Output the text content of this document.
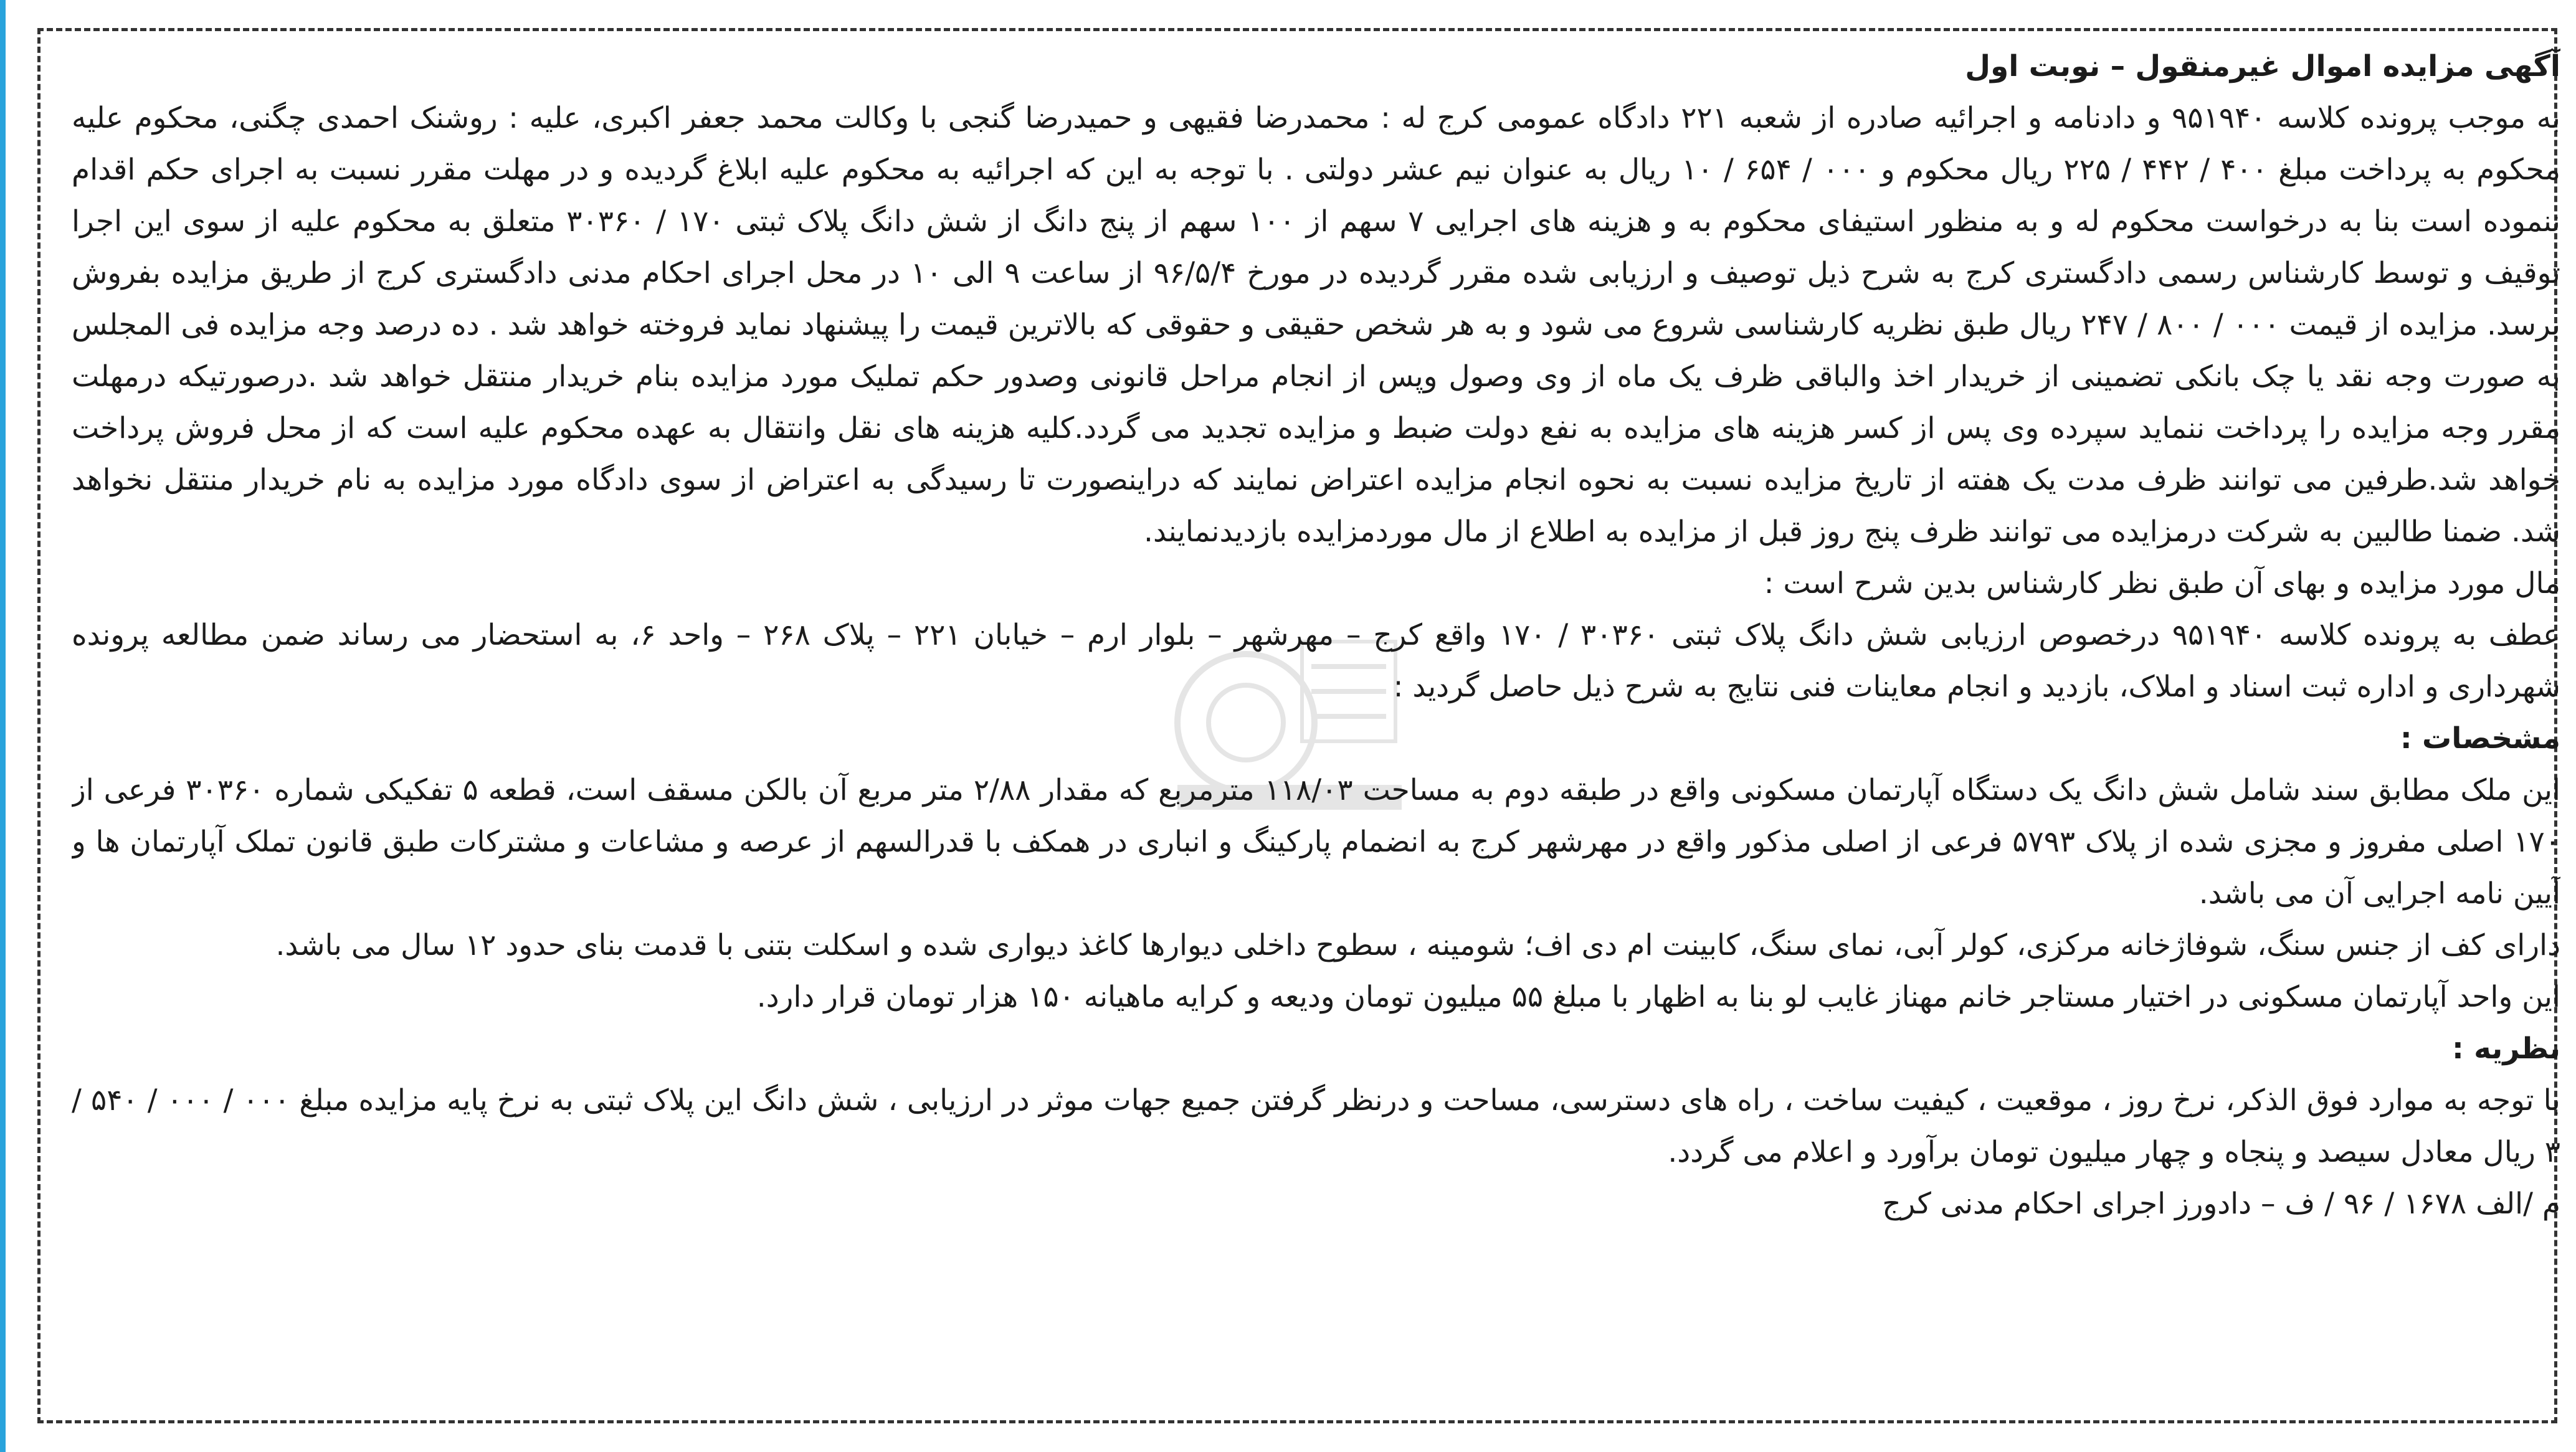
آگهی مزایده اموال غیرمنقول – نوبت اول

به موجب پرونده کلاسه ۹۵۱۹۴۰ و دادنامه و اجرائیه صادره از شعبه ۲۲۱ دادگاه عمومی کرج له : محمدرضا فقیهی و حمیدرضا گنجی با وکالت محمد جعفر اکبری، علیه : روشنک احمدی چگنی، محکوم علیه محکوم به پرداخت مبلغ ۴۰۰ / ۴۴۲ / ۲۲۵ ریال محکوم و ۰۰۰ / ۶۵۴ / ۱۰ ریال به عنوان نیم عشر دولتی . با توجه به این که اجرائیه به محکوم علیه ابلاغ گردیده و در مهلت مقرر نسبت به اجرای حکم اقدام ننموده است بنا به درخواست محکوم له و به منظور استیفای محکوم به و هزینه های اجرایی ۷ سهم از ۱۰۰ سهم از پنج دانگ از شش دانگ پلاک ثبتی ۱۷۰ / ۳۰۳۶۰ متعلق به محکوم علیه از سوی این اجرا توقیف و توسط کارشناس رسمی دادگستری کرج به شرح ذیل توصیف و ارزیابی شده مقرر گردیده در مورخ ۹۶/۵/۴ از ساعت ۹ الی ۱۰ در محل اجرای احکام مدنی دادگستری کرج از طریق مزایده بفروش برسد. مزایده از قیمت ۰۰۰ / ۸۰۰ / ۲۴۷ ریال طبق نظریه کارشناسی شروع می شود و به هر شخص حقیقی و حقوقی که بالاترین قیمت را پیشنهاد نماید فروخته خواهد شد . ده درصد وجه مزایده فی المجلس به صورت وجه نقد یا چک بانکی تضمینی از خریدار اخذ والباقی ظرف یک ماه از وی وصول وپس از انجام مراحل قانونی وصدور حکم تملیک مورد مزایده بنام خریدار منتقل خواهد شد .درصورتیکه درمهلت مقرر وجه مزایده را پرداخت ننماید سپرده وی پس از کسر هزینه های مزایده به نفع دولت ضبط و مزایده تجدید می گردد.کلیه هزینه های نقل وانتقال به عهده محکوم علیه است که از محل فروش پرداخت خواهد شد.طرفین می توانند ظرف مدت یک هفته از تاریخ مزایده نسبت به نحوه انجام مزایده اعتراض نمایند که دراینصورت تا رسیدگی به اعتراض از سوی دادگاه مورد مزایده به نام خریدار منتقل نخواهد شد. ضمنا طالبین به شرکت درمزایده می توانند ظرف پنج روز قبل از مزایده به اطلاع از مال موردمزایده بازدیدنمایند.

مال مورد مزایده و بهای آن طبق نظر کارشناس بدین شرح است :

عطف به پرونده کلاسه ۹۵۱۹۴۰ درخصوص ارزیابی شش دانگ پلاک ثبتی ۳۰۳۶۰ / ۱۷۰ واقع کرج – مهرشهر – بلوار ارم – خیابان ۲۲۱ – پلاک ۲۶۸ – واحد ۶، به استحضار می رساند ضمن مطالعه پرونده شهرداری و اداره ثبت اسناد و املاک، بازدید و انجام معاینات فنی نتایج به شرح ذیل حاصل گردید :

مشخصات :

این ملک مطابق سند شامل شش دانگ یک دستگاه آپارتمان مسکونی واقع در طبقه دوم به مساحت ۱۱۸/۰۳ مترمربع که مقدار ۲/۸۸ متر مربع آن بالکن مسقف است، قطعه ۵ تفکیکی شماره ۳۰۳۶۰ فرعی از ۱۷۰ اصلی مفروز و مجزی شده از پلاک ۵۷۹۳ فرعی از اصلی مذکور واقع در مهرشهر کرج به انضمام پارکینگ و انباری در همکف با قدرالسهم از عرصه و مشاعات و مشترکات طبق قانون تملک آپارتمان ها و آیین نامه اجرایی آن می باشد.

دارای کف از جنس سنگ، شوفاژخانه مرکزی، کولر آبی، نمای سنگ، کابینت ام دی اف؛ شومینه ، سطوح داخلی دیوارها کاغذ دیواری شده و اسکلت بتنی با قدمت بنای حدود ۱۲ سال می باشد.

این واحد آپارتمان مسکونی در اختیار مستاجر خانم مهناز غایب لو بنا به اظهار با مبلغ ۵۵ میلیون تومان ودیعه و کرایه ماهیانه ۱۵۰ هزار تومان قرار دارد.

نظریه :

با توجه به موارد فوق الذکر، نرخ روز ، موقعیت ، کیفیت ساخت ، راه های دسترسی، مساحت و درنظر گرفتن جمیع جهات موثر در ارزیابی ، شش دانگ این پلاک ثبتی به نرخ پایه مزایده مبلغ ۰۰۰ / ۰۰۰ / ۵۴۰ / ۳ ریال معادل سیصد و پنجاه و چهار میلیون تومان برآورد و اعلام می گردد.

م /الف ۱۶۷۸ / ۹۶ / ف – دادورز اجرای احکام مدنی کرج
